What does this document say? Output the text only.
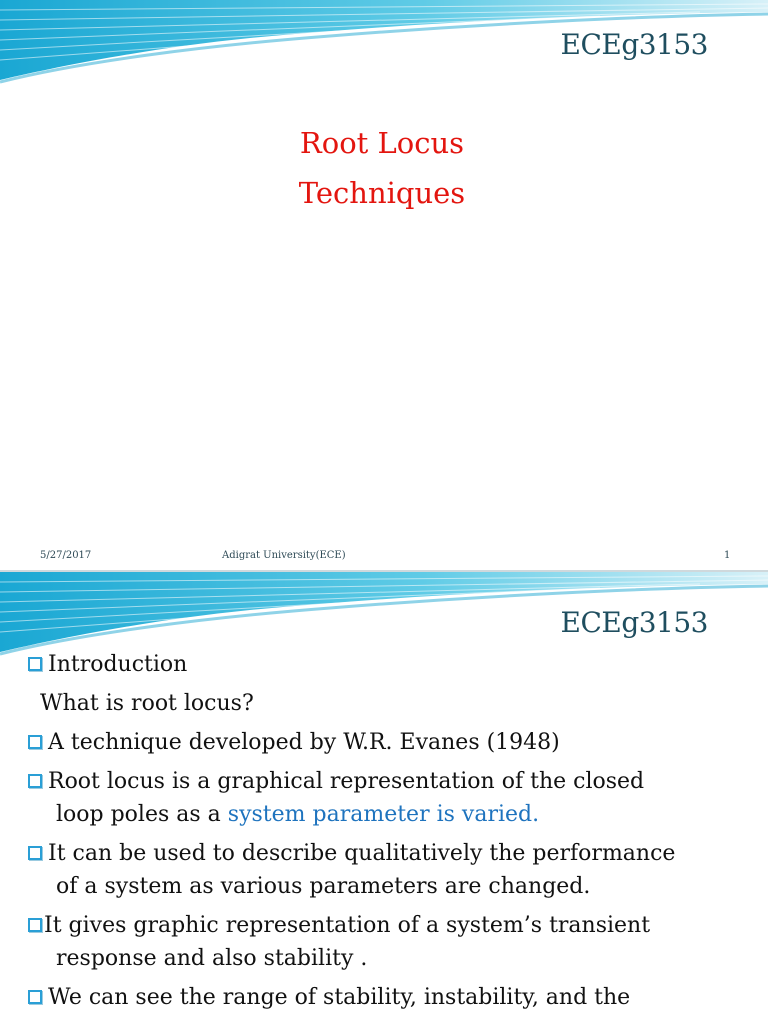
ECEg3153
Root Locus
Techniques
5/27/2017	Adigrat University(ECE)	1
ECEg3153
Introduction
What is root locus?
A technique developed by W.R. Evanes (1948)
Root locus is a graphical representation of the closed
loop poles as a system parameter is varied.
It can be used to describe qualitatively the performance
of a system as various parameters are changed.
It gives graphic representation of a system’s transient
response and also stability .
We can see the range of stability, instability, and the
